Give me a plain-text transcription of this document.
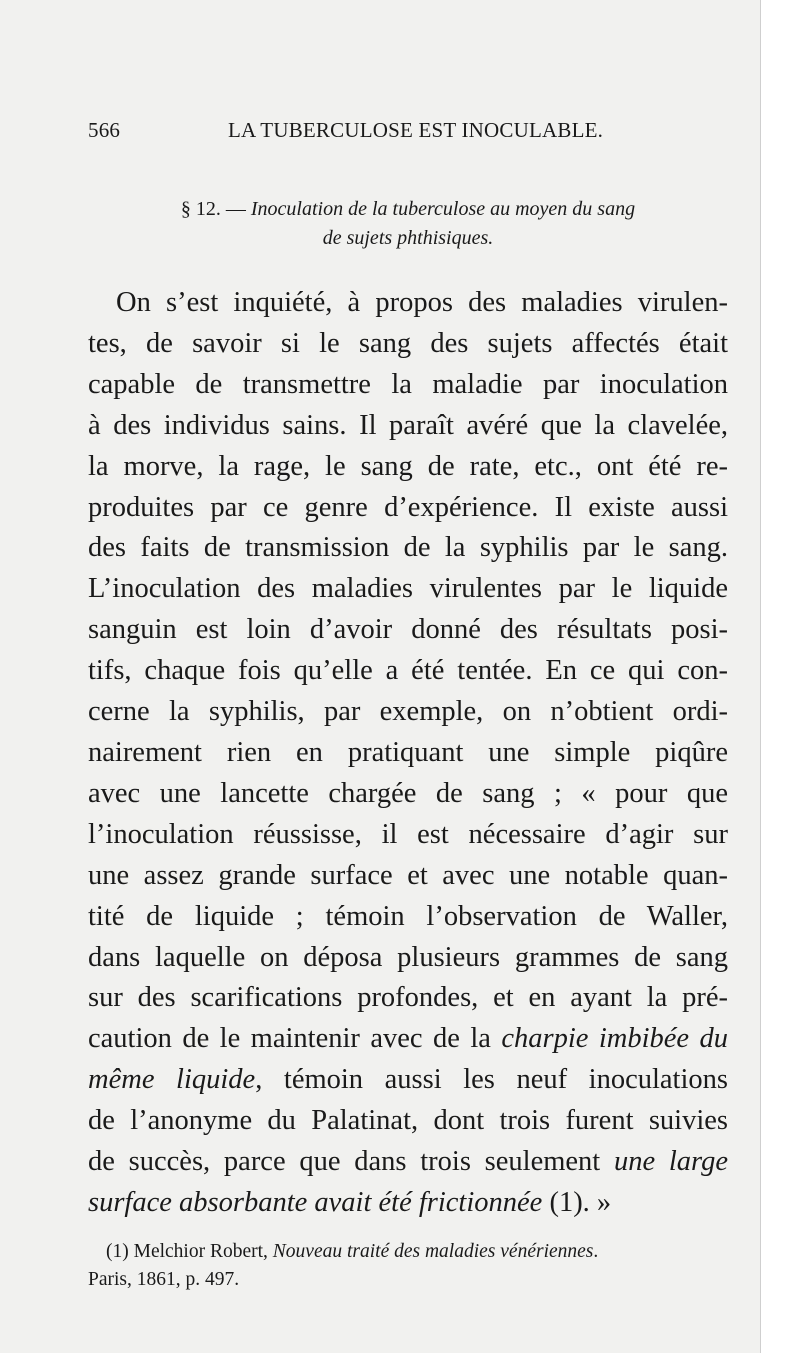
566	LA TUBERCULOSE EST INOCULABLE.
§ 12. — Inoculation de la tuberculose au moyen du sang
de sujets phthisiques.
On s’est inquiété, à propos des maladies virulen-
tes, de savoir si le sang des sujets affectés était
capable de transmettre la maladie par inoculation
à des individus sains. Il paraît avéré que la clavelée,
la morve, la rage, le sang de rate, etc., ont été re-
produites par ce genre d’expérience. Il existe aussi
des faits de transmission de la syphilis par le sang.
L’inoculation des maladies virulentes par le liquide
sanguin est loin d’avoir donné des résultats posi-
tifs, chaque fois qu’elle a été tentée. En ce qui con-
cerne la syphilis, par exemple, on n’obtient ordi-
nairement rien en pratiquant une simple piqûre
avec une lancette chargée de sang ; « pour que
l’inoculation réussisse, il est nécessaire d’agir sur
une assez grande surface et avec une notable quan-
tité de liquide ; témoin l’observation de Waller,
dans laquelle on déposa plusieurs grammes de sang
sur des scarifications profondes, et en ayant la pré-
caution de le maintenir avec de la charpie imbibée du
même liquide, témoin aussi les neuf inoculations
de l’anonyme du Palatinat, dont trois furent suivies
de succès, parce que dans trois seulement une large
surface absorbante avait été frictionnée (1). »
(1) Melchior Robert, Nouveau traité des maladies vénériennes.
Paris, 1861, p. 497.
